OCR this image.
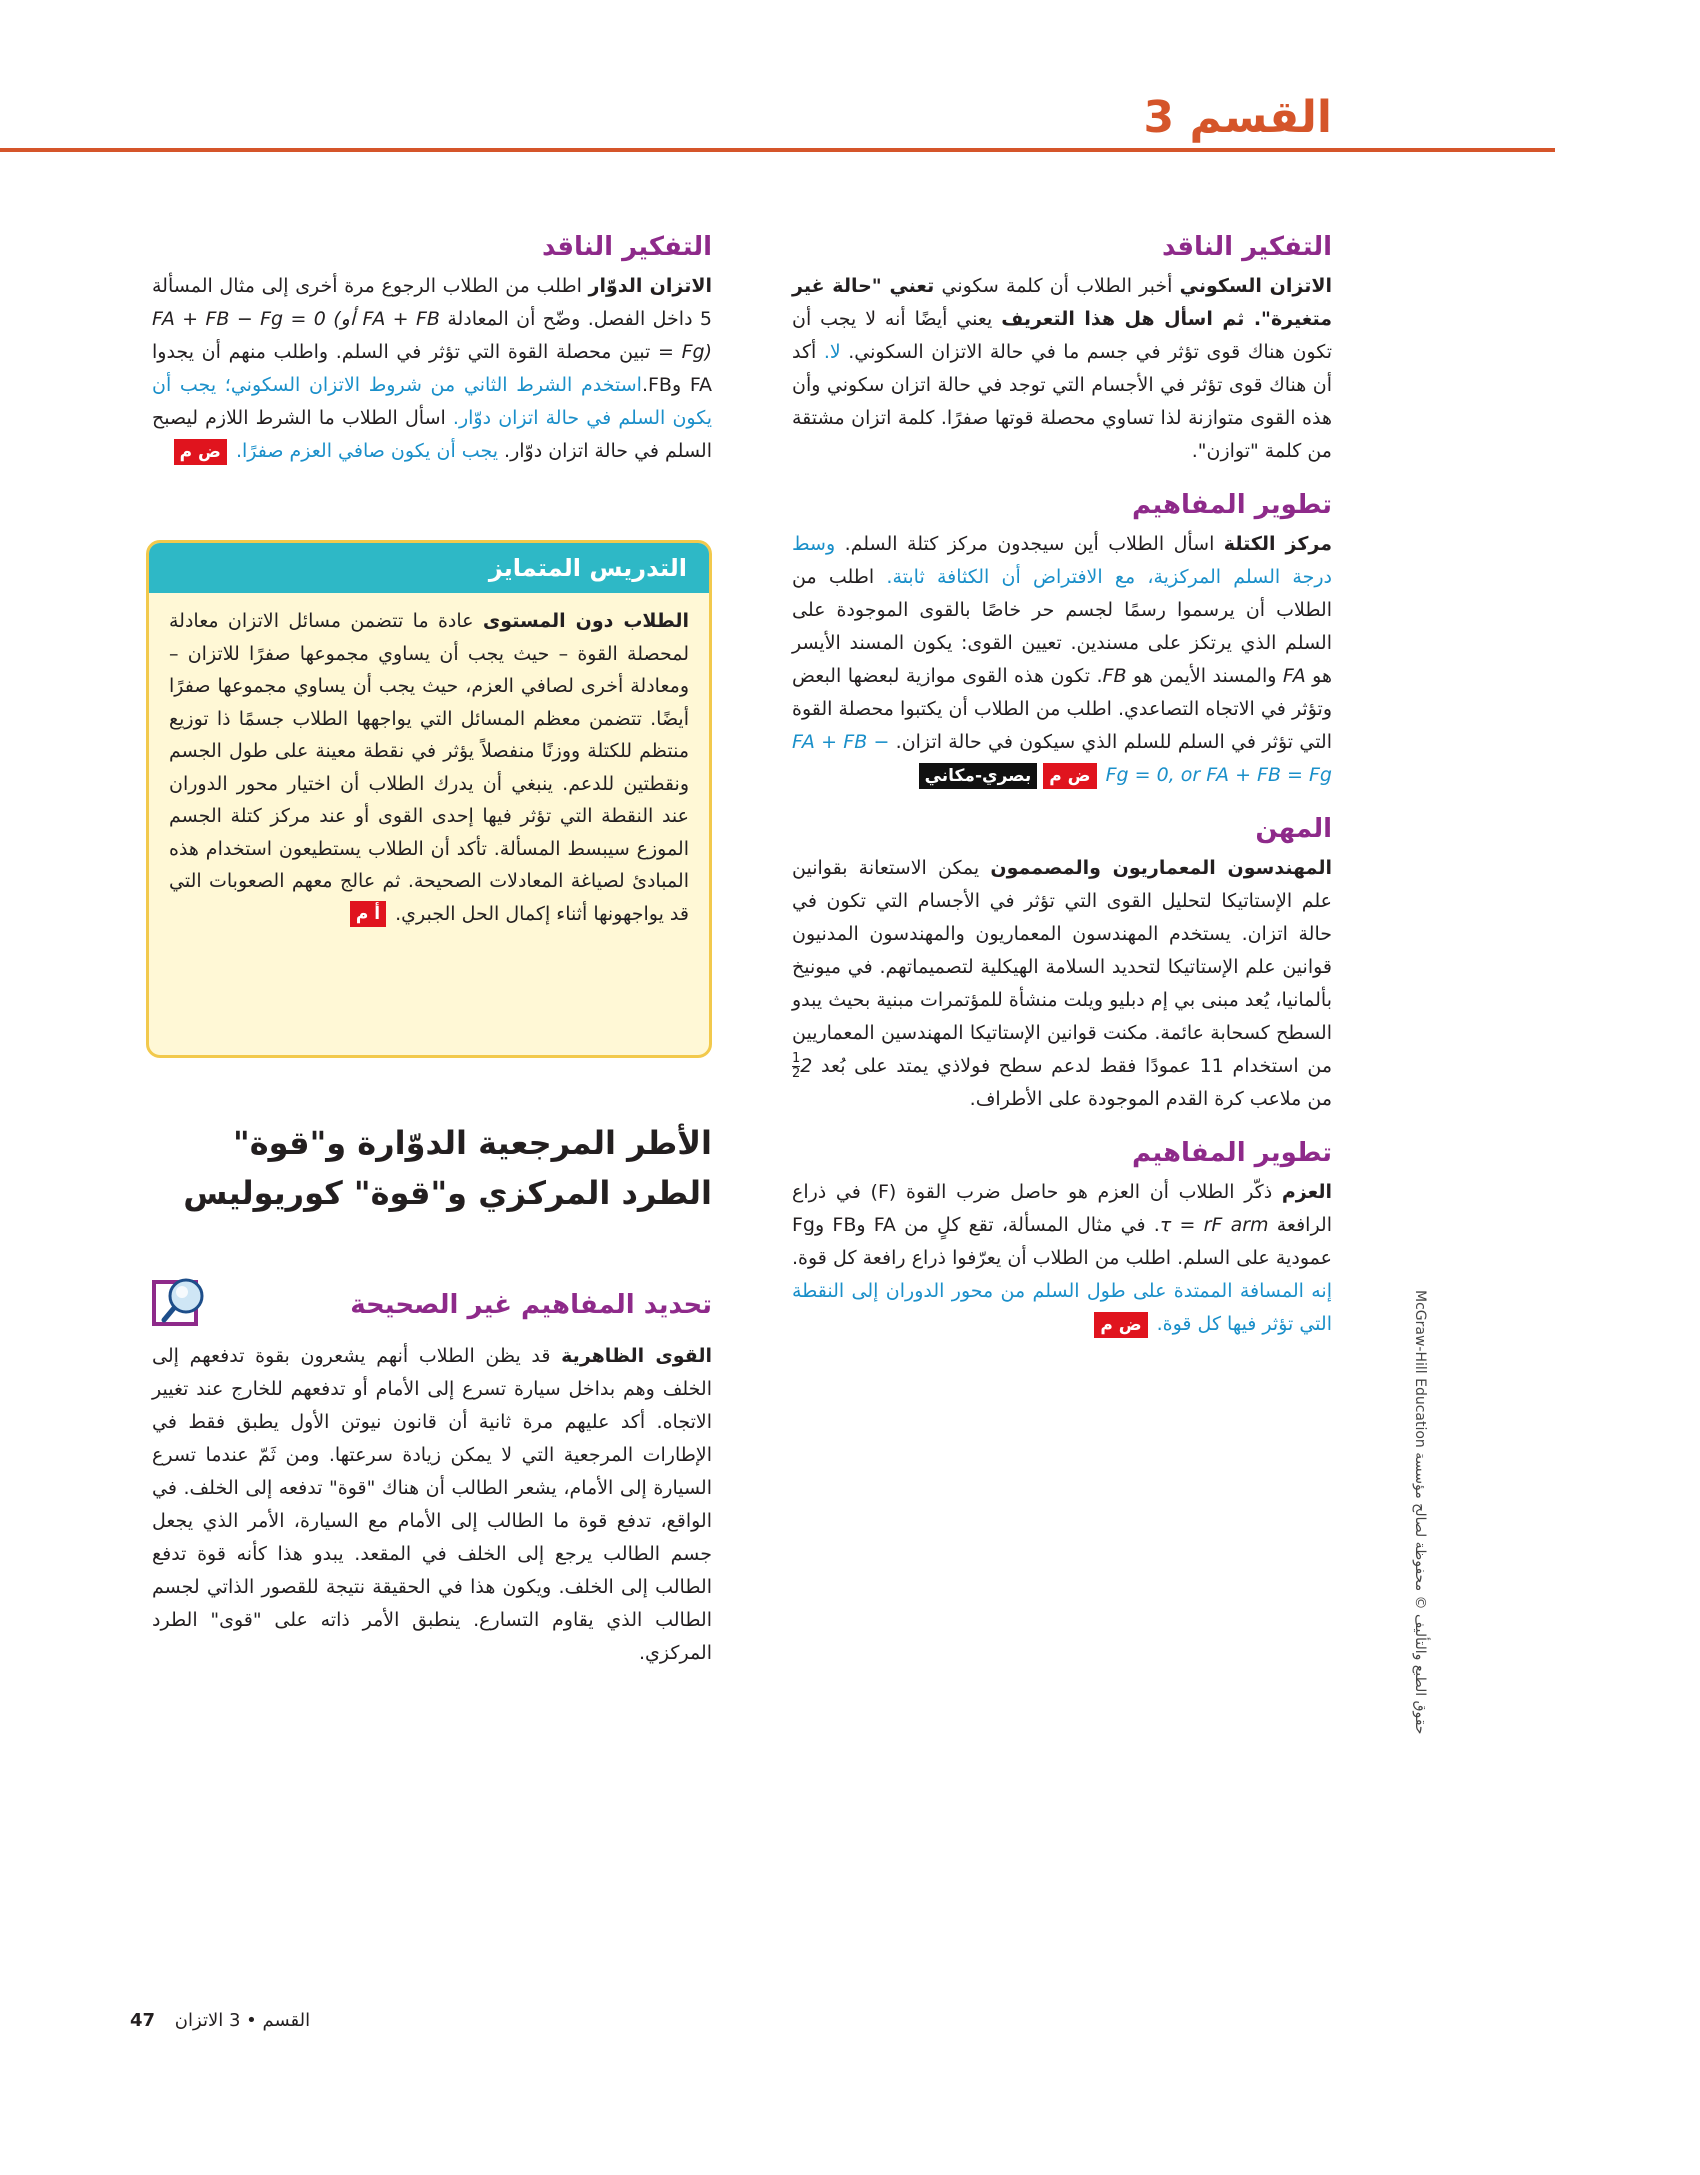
القسم 3
التفكير الناقد

الاتزان السكوني أخبر الطلاب أن كلمة سكوني تعني "حالة غير متغيرة". ثم اسأل هل هذا التعريف يعني أيضًا أنه لا يجب أن تكون هناك قوى تؤثر في جسم ما في حالة الاتزان السكوني. لا. أكد أن هناك قوى تؤثر في الأجسام التي توجد في حالة اتزان سكوني وأن هذه القوى متوازنة لذا تساوي محصلة قوتها صفرًا. كلمة اتزان مشتقة من كلمة "توازن".

تطوير المفاهيم

مركز الكتلة اسأل الطلاب أين سيجدون مركز كتلة السلم. وسط درجة السلم المركزية، مع الافتراض أن الكثافة ثابتة. اطلب من الطلاب أن يرسموا رسمًا لجسم حر خاصًا بالقوى الموجودة على السلم الذي يرتكز على مسندين. تعيين القوى: يكون المسند الأيسر هو FA والمسند الأيمن هو FB. تكون هذه القوى موازية لبعضها البعض وتؤثر في الاتجاه التصاعدي. اطلب من الطلاب أن يكتبوا محصلة القوة التي تؤثر في السلم للسلم الذي سيكون في حالة اتزان. FA + FB − Fg = 0, or FA + FB = Fg ض مبصري-مكاني

المهن

المهندسون المعماريون والمصممون يمكن الاستعانة بقوانين علم الإستاتيكا لتحليل القوى التي تؤثر في الأجسام التي تكون في حالة اتزان. يستخدم المهندسون المعماريون والمهندسون المدنيون قوانين علم الإستاتيكا لتحديد السلامة الهيكلية لتصميماتهم. في ميونيخ بألمانيا، يُعد مبنى بي إم دبليو ويلت منشأة للمؤتمرات مبنية بحيث يبدو السطح كسحابة عائمة. مكنت قوانين الإستاتيكا المهندسين المعماريين من استخدام 11 عمودًا فقط لدعم سطح فولاذي يمتد على بُعد 2
$\frac{1}{2}$
من ملاعب كرة القدم الموجودة على الأطراف.

تطوير المفاهيم

العزم ذكّر الطلاب أن العزم هو حاصل ضرب القوة (F) في ذراع الرافعة τ = rF arm. في مثال المسألة، تقع كلٍ من FA وFB وFg عمودية على السلم. اطلب من الطلاب أن يعرّفوا ذراع رافعة كل قوة. إنه المسافة الممتدة على طول السلم من محور الدوران إلى النقطة التي تؤثر فيها كل قوة. ض م

التفكير الناقد

الاتزان الدوّار اطلب من الطلاب الرجوع مرة أخرى إلى مثال المسألة 5 داخل الفصل. وضّح أن المعادلة FA + FB − Fg = 0 (أو FA + FB = Fg) تبين محصلة القوة التي تؤثر في السلم. واطلب منهم أن يجدوا FA وFB.استخدم الشرط الثاني من شروط الاتزان السكوني؛ يجب أن يكون السلم في حالة اتزان دوّار. اسأل الطلاب ما الشرط اللازم ليصبح السلم في حالة اتزان دوّار. يجب أن يكون صافي العزم صفرًا. ض م

التدريس المتمايز
الطلاب دون المستوى عادة ما تتضمن مسائل الاتزان معادلة لمحصلة القوة – حيث يجب أن يساوي مجموعها صفرًا للاتزان – ومعادلة أخرى لصافي العزم، حيث يجب أن يساوي مجموعها صفرًا أيضًا. تتضمن معظم المسائل التي يواجهها الطلاب جسمًا ذا توزيع منتظم للكتلة ووزنًا منفصلاً يؤثر في نقطة معينة على طول الجسم ونقطتين للدعم. ينبغي أن يدرك الطلاب أن اختيار محور الدوران عند النقطة التي تؤثر فيها إحدى القوى أو عند مركز كتلة الجسم الموزع سيبسط المسألة. تأكد أن الطلاب يستطيعون استخدام هذه المبادئ لصياغة المعادلات الصحيحة. ثم عالج معهم الصعوبات التي قد يواجهونها أثناء إكمال الحل الجبري. أ م
الأطر المرجعية الدوّارة و"قوة" الطرد المركزي و"قوة" كوريوليس
تحديد المفاهيم غير الصحيحة

القوى الظاهرية قد يظن الطلاب أنهم يشعرون بقوة تدفعهم إلى الخلف وهم بداخل سيارة تسرع إلى الأمام أو تدفعهم للخارج عند تغيير الاتجاه. أكد عليهم مرة ثانية أن قانون نيوتن الأول يطبق فقط في الإطارات المرجعية التي لا يمكن زيادة سرعتها. ومن ثَمّ عندما تسرع السيارة إلى الأمام، يشعر الطالب أن هناك "قوة" تدفعه إلى الخلف. في الواقع، تدفع قوة ما الطالب إلى الأمام مع السيارة، الأمر الذي يجعل جسم الطالب يرجع إلى الخلف في المقعد. يبدو هذا كأنه قوة تدفع الطالب إلى الخلف. ويكون هذا في الحقيقة نتيجة للقصور الذاتي لجسم الطالب الذي يقاوم التسارع. ينطبق الأمر ذاته على "قوى" الطرد المركزي.

حقوق الطبع والتأليف © محفوظة لصالح مؤسسة McGraw-Hill Education
47 القسم • 3 الاتزان
